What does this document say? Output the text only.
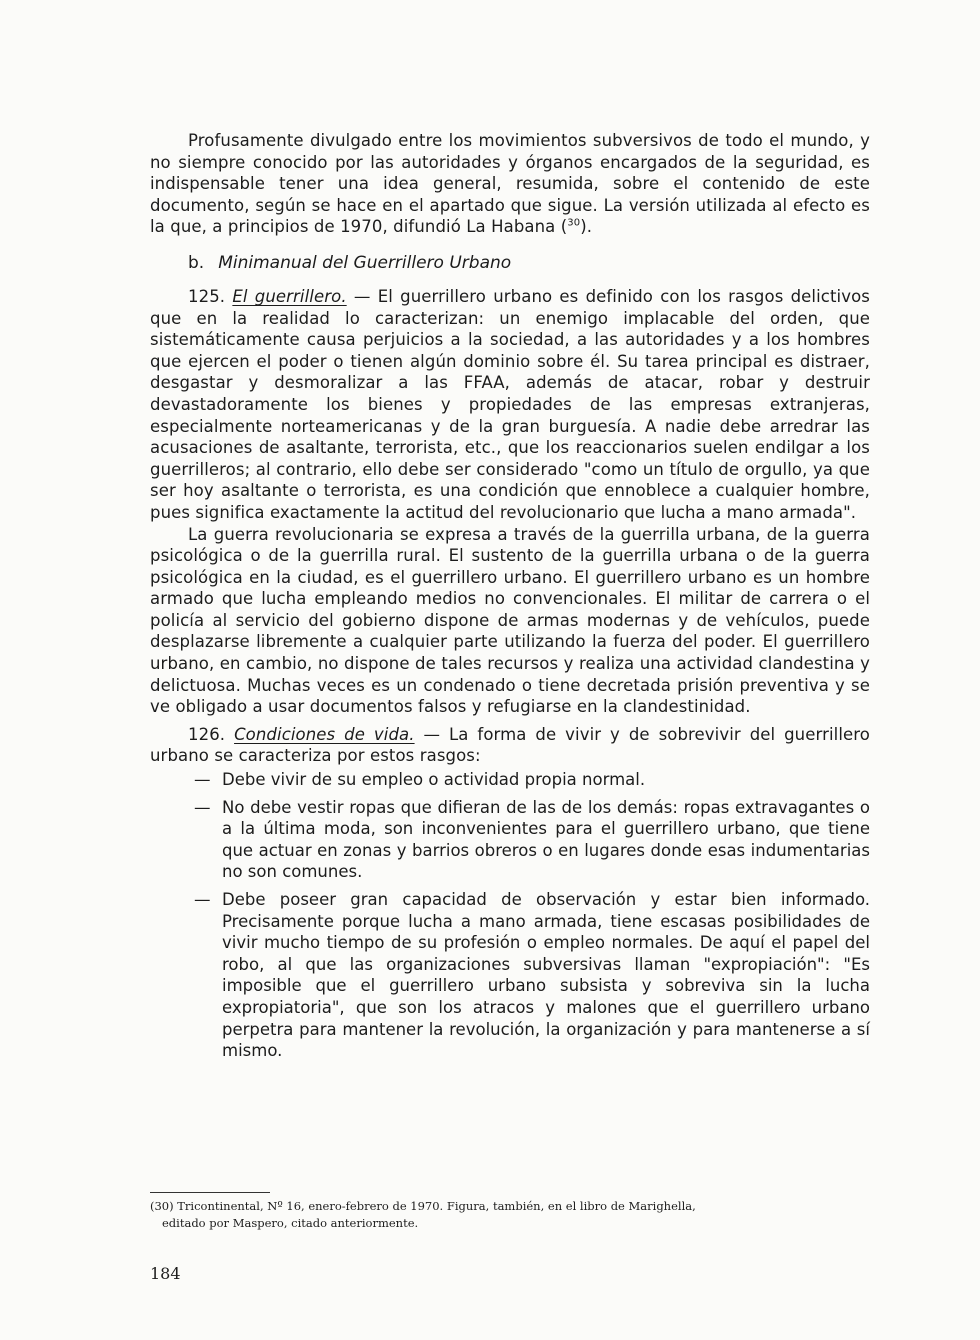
Profusamente divulgado entre los movimientos subversivos de todo el mundo, y no siempre conocido por las autoridades y órganos encargados de la seguridad, es indispensable tener una idea general, resumida, sobre el contenido de este documento, según se hace en el apartado que sigue. La versión utilizada al efecto es la que, a principios de 1970, difundió La Habana ($^{30}$).

b. Minimanual del Guerrillero Urbano

125. El guerrillero. — El guerrillero urbano es definido con los rasgos delictivos que en la realidad lo caracterizan: un enemigo implacable del orden, que sistemáticamente causa perjuicios a la sociedad, a las autoridades y a los hombres que ejercen el poder o tienen algún dominio sobre él. Su tarea principal es distraer, desgastar y desmoralizar a las FFAA, además de atacar, robar y destruir devastadoramente los bienes y propiedades de las empresas extranjeras, especialmente norteamericanas y de la gran burguesía. A nadie debe arredrar las acusaciones de asaltante, terrorista, etc., que los reaccionarios suelen endilgar a los guerrilleros; al contrario, ello debe ser considerado "como un título de orgullo, ya que ser hoy asaltante o terrorista, es una condición que ennoblece a cualquier hombre, pues significa exactamente la actitud del revolucionario que lucha a mano armada".

La guerra revolucionaria se expresa a través de la guerrilla urbana, de la guerra psicológica o de la guerrilla rural. El sustento de la guerrilla urbana o de la guerra psicológica en la ciudad, es el guerrillero urbano. El guerrillero urbano es un hombre armado que lucha empleando medios no convencionales. El militar de carrera o el policía al servicio del gobierno dispone de armas modernas y de vehículos, puede desplazarse libremente a cualquier parte utilizando la fuerza del poder. El guerrillero urbano, en cambio, no dispone de tales recursos y realiza una actividad clandestina y delictuosa. Muchas veces es un condenado o tiene decretada prisión preventiva y se ve obligado a usar documentos falsos y refugiarse en la clandestinidad.

126. Condiciones de vida. — La forma de vivir y de sobrevivir del guerrillero urbano se caracteriza por estos rasgos:

— Debe vivir de su empleo o actividad propia normal.
— No debe vestir ropas que difieran de las de los demás: ropas extravagantes o a la última moda, son inconvenientes para el guerrillero urbano, que tiene que actuar en zonas y barrios obreros o en lugares donde esas indumentarias no son comunes.
— Debe poseer gran capacidad de observación y estar bien informado. Precisamente porque lucha a mano armada, tiene escasas posibilidades de vivir mucho tiempo de su profesión o empleo normales. De aquí el papel del robo, al que las organizaciones subversivas llaman "expropiación": "Es imposible que el guerrillero urbano subsista y sobreviva sin la lucha expropiatoria", que son los atracos y malones que el guerrillero urbano perpetra para mantener la revolución, la organización y para mantenerse a sí mismo.
(30) Tricontinental, Nº 16, enero-febrero de 1970. Figura, también, en el libro de Marighella,
editado por Maspero, citado anteriormente.
184
